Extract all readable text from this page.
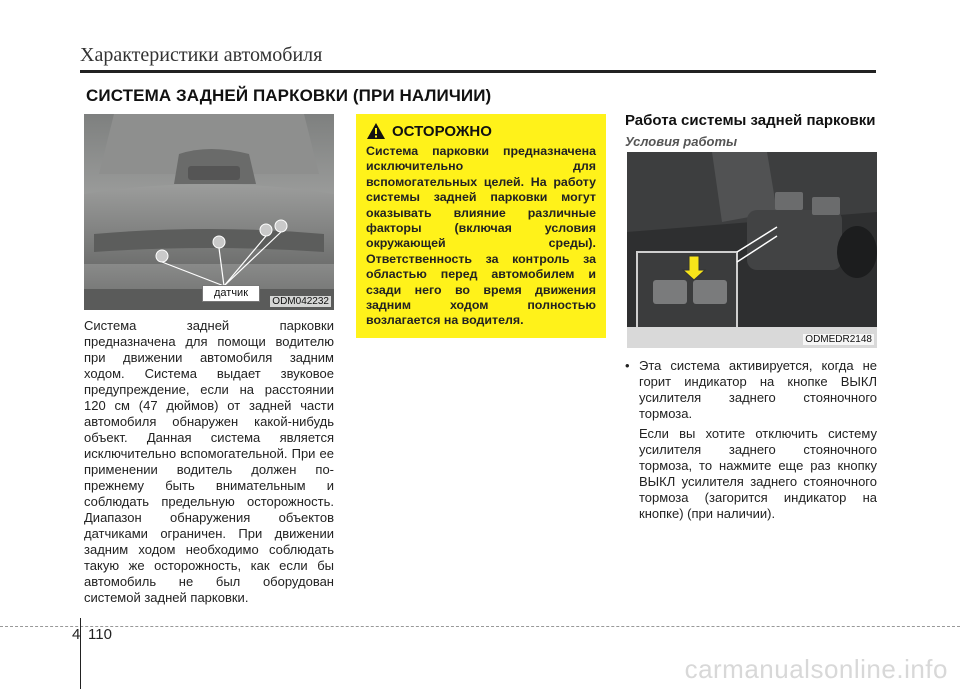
Характеристики автомобиля
СИСТЕМА ЗАДНЕЙ ПАРКОВКИ (ПРИ НАЛИЧИИ)
датчик
ODM042232
Система задней парковки предназначена для помощи водителю при движении автомобиля задним ходом. Система выдает звуковое предупреждение, если на расстоянии 120 см (47 дюймов) от задней части автомобиля обнаружен какой-нибудь объект. Данная система является исключительно вспомогательной. При ее применении водитель должен по-прежнему быть внимательным и соблюдать предельную осторожность. Диапазон обнаружения объектов датчиками ограничен. При движении задним ходом необходимо соблюдать такую же осторожность, как если бы автомобиль не был оборудован системой задней парковки.
ОСТОРОЖНО
Система парковки предназначена исключительно для вспомогательных целей. На работу системы задней парковки могут оказывать влияние различные факторы (включая условия окружающей среды). Ответственность за контроль за областью перед автомобилем и сзади него во время движения задним ходом полностью возлагается на водителя.
Работа системы задней парковки
Условия работы
ODMEDR2148
• Эта система активируется, когда не горит индикатор на кнопке ВЫКЛ усилителя заднего стояночного тормоза.
Если вы хотите отключить систему усилителя заднего стояночного тормоза, то нажмите еще раз кнопку ВЫКЛ усилителя заднего стояночного тормоза (загорится индикатор на кнопке) (при наличии).
4 110
carmanualsonline.info
